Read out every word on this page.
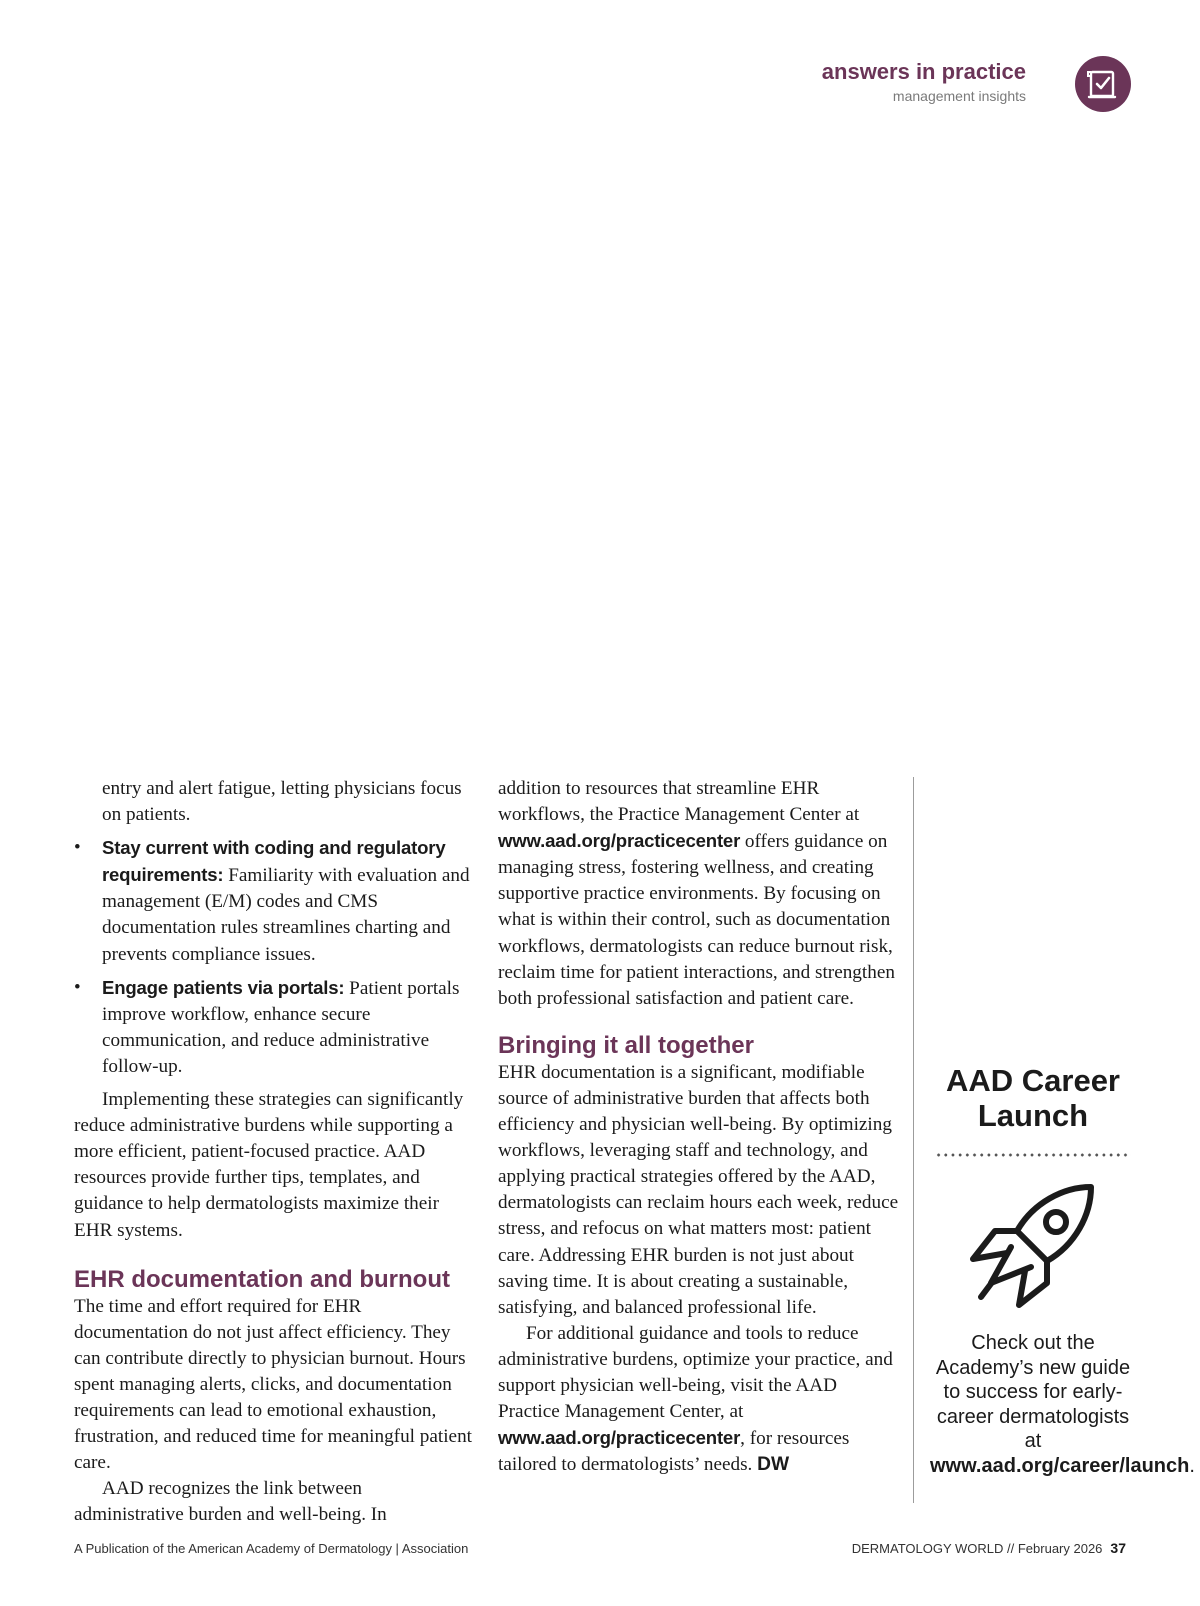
answers in practice
management insights

entry and alert fatigue, letting physicians focus on patients.

• Stay current with coding and regulatory requirements: Familiarity with evaluation and management (E/M) codes and CMS documentation rules streamlines charting and prevents compliance issues.
• Engage patients via portals: Patient portals improve workflow, enhance secure communication, and reduce administrative follow-up.

Implementing these strategies can significantly reduce administrative burdens while supporting a more efficient, patient-focused practice. AAD resources provide further tips, templates, and guidance to help dermatologists maximize their EHR systems.

EHR documentation and burnout

The time and effort required for EHR documentation do not just affect efficiency. They can contribute directly to physician burnout. Hours spent managing alerts, clicks, and documentation requirements can lead to emotional exhaustion, frustration, and reduced time for meaningful patient care.

AAD recognizes the link between administrative burden and well-being. In

addition to resources that streamline EHR workflows, the Practice Management Center at www.aad.org/practicecenter offers guidance on managing stress, fostering wellness, and creating supportive practice environments. By focusing on what is within their control, such as documentation workflows, dermatologists can reduce burnout risk, reclaim time for patient interactions, and strengthen both professional satisfaction and patient care.

Bringing it all together

EHR documentation is a significant, modifiable source of administrative burden that affects both efficiency and physician well-being. By optimizing workflows, leveraging staff and technology, and applying practical strategies offered by the AAD, dermatologists can reclaim hours each week, reduce stress, and refocus on what matters most: patient care. Addressing EHR burden is not just about saving time. It is about creating a sustainable, satisfying, and balanced professional life.

For additional guidance and tools to reduce administrative burdens, optimize your practice, and support physician well-being, visit the AAD Practice Management Center, at www.aad.org/practicecenter, for resources tailored to dermatologists’ needs. DW

AAD Career Launch
Check out the Academy’s new guide to success for early-career dermatologists at www.aad.org/career/launch.
A Publication of the American Academy of Dermatology | Association	DERMATOLOGY WORLD // February 2026 37
